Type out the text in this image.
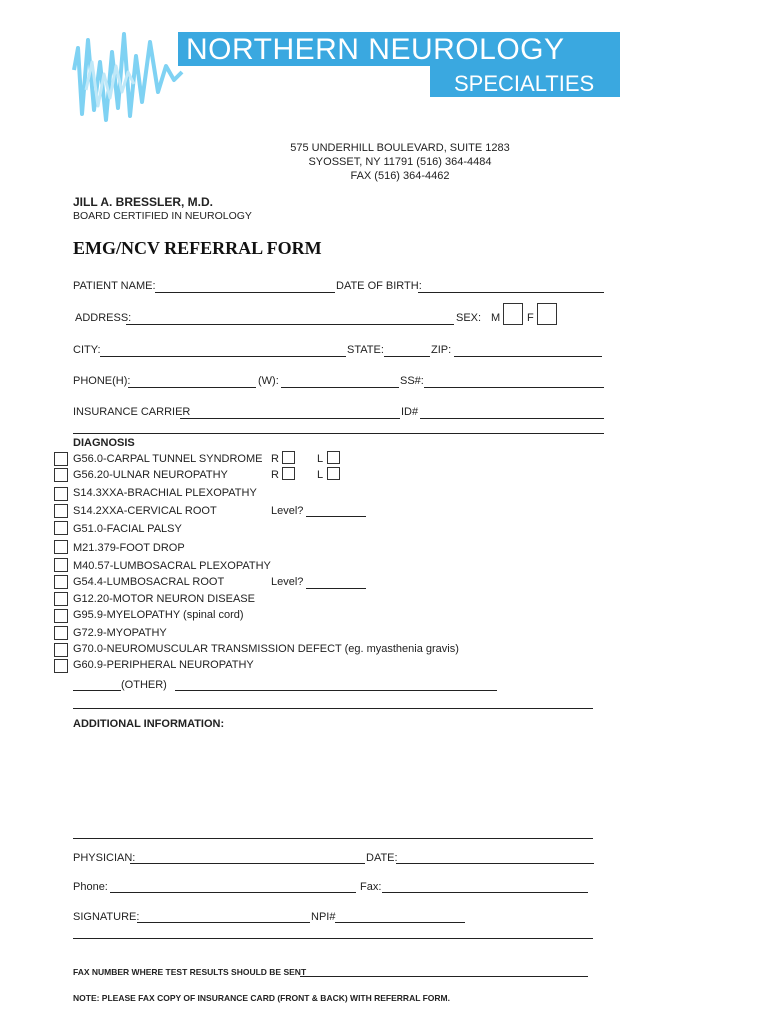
NORTHERN NEUROLOGY
SPECIALTIES
575 UNDERHILL BOULEVARD, SUITE 1283
SYOSSET, NY 11791 (516) 364-4484
FAX (516) 364-4462
JILL A. BRESSLER, M.D.
BOARD CERTIFIED IN NEUROLOGY
EMG/NCV REFERRAL FORM
PATIENT NAME:	DATE OF BIRTH:
ADDRESS:	SEX: M F
CITY:	STATE:	ZIP:
PHONE(H):	(W):	SS#:
INSURANCE CARRIER	ID#
DIAGNOSIS
G56.0-CARPAL TUNNEL SYNDROME R	L
G56.20-ULNAR NEUROPATHY	R	L
S14.3XXA-BRACHIAL PLEXOPATHY
S14.2XXA-CERVICAL ROOT	Level?
G51.0-FACIAL PALSY
M21.379-FOOT DROP
M40.57-LUMBOSACRAL PLEXOPATHY
G54.4-LUMBOSACRAL ROOT	Level?
G12.20-MOTOR NEURON DISEASE
G95.9-MYELOPATHY (spinal cord)
G72.9-MYOPATHY
G70.0-NEUROMUSCULAR TRANSMISSION DEFECT (eg. myasthenia gravis)
G60.9-PERIPHERAL NEUROPATHY
(OTHER)
ADDITIONAL INFORMATION:
PHYSICIAN:	DATE:
Phone:	Fax:
SIGNATURE:	NPI#
FAX NUMBER WHERE TEST RESULTS SHOULD BE SENT
NOTE: PLEASE FAX COPY OF INSURANCE CARD (FRONT & BACK) WITH REFERRAL FORM.
